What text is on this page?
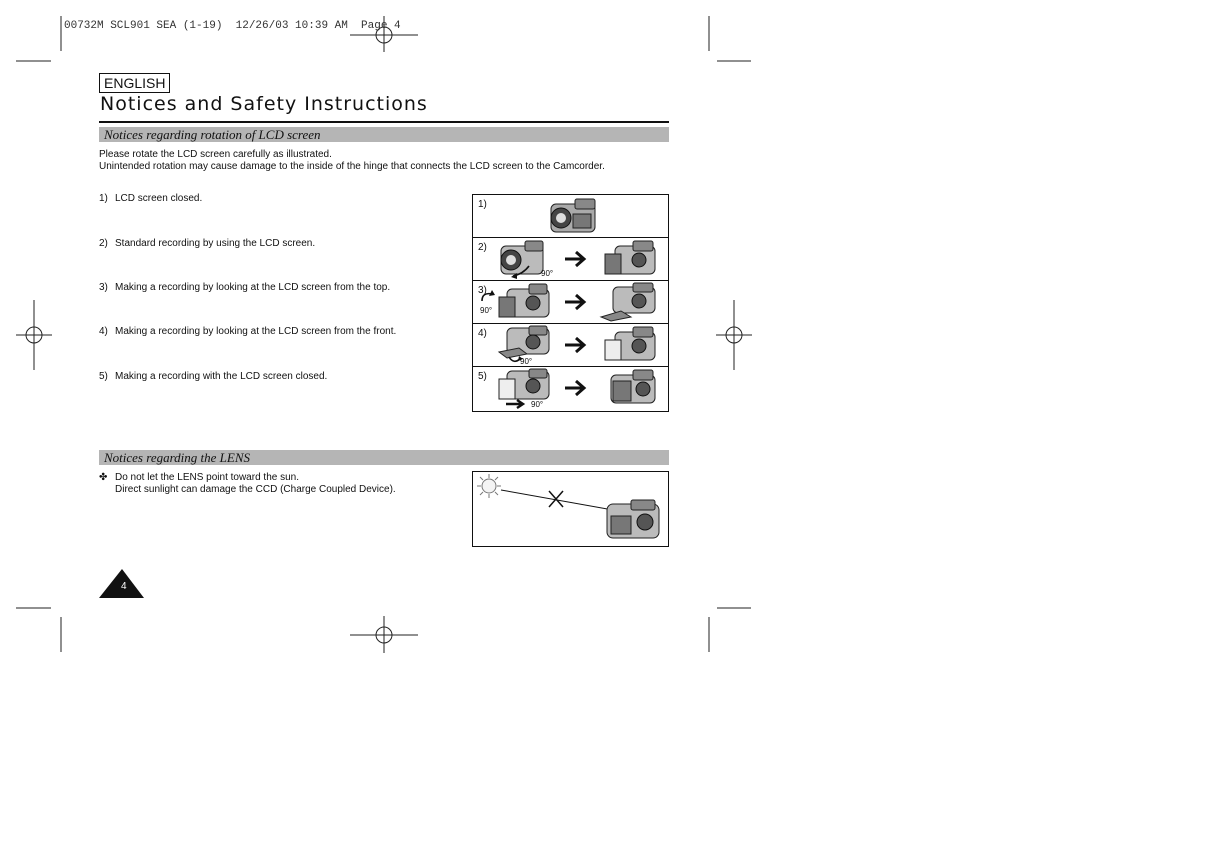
00732M SCL901 SEA (1-19)  12/26/03 10:39 AM  Page 4
ENGLISH
Notices and Safety Instructions
Notices regarding rotation of LCD screen
Please rotate the LCD screen carefully as illustrated.
Unintended rotation may cause damage to the inside of the hinge that connects the LCD screen to the Camcorder.
1) LCD screen closed.
2) Standard recording by using the LCD screen.
3) Making a recording by looking at the LCD screen from the top.
4) Making a recording by looking at the LCD screen from the front.
5) Making a recording with the LCD screen closed.
1)
2)
90°
3)
90°
4)
90°
5)
90°
Notices regarding the LENS
✤ Do not let the LENS point toward the sun.
Direct sunlight can damage the CCD (Charge Coupled Device).
4
